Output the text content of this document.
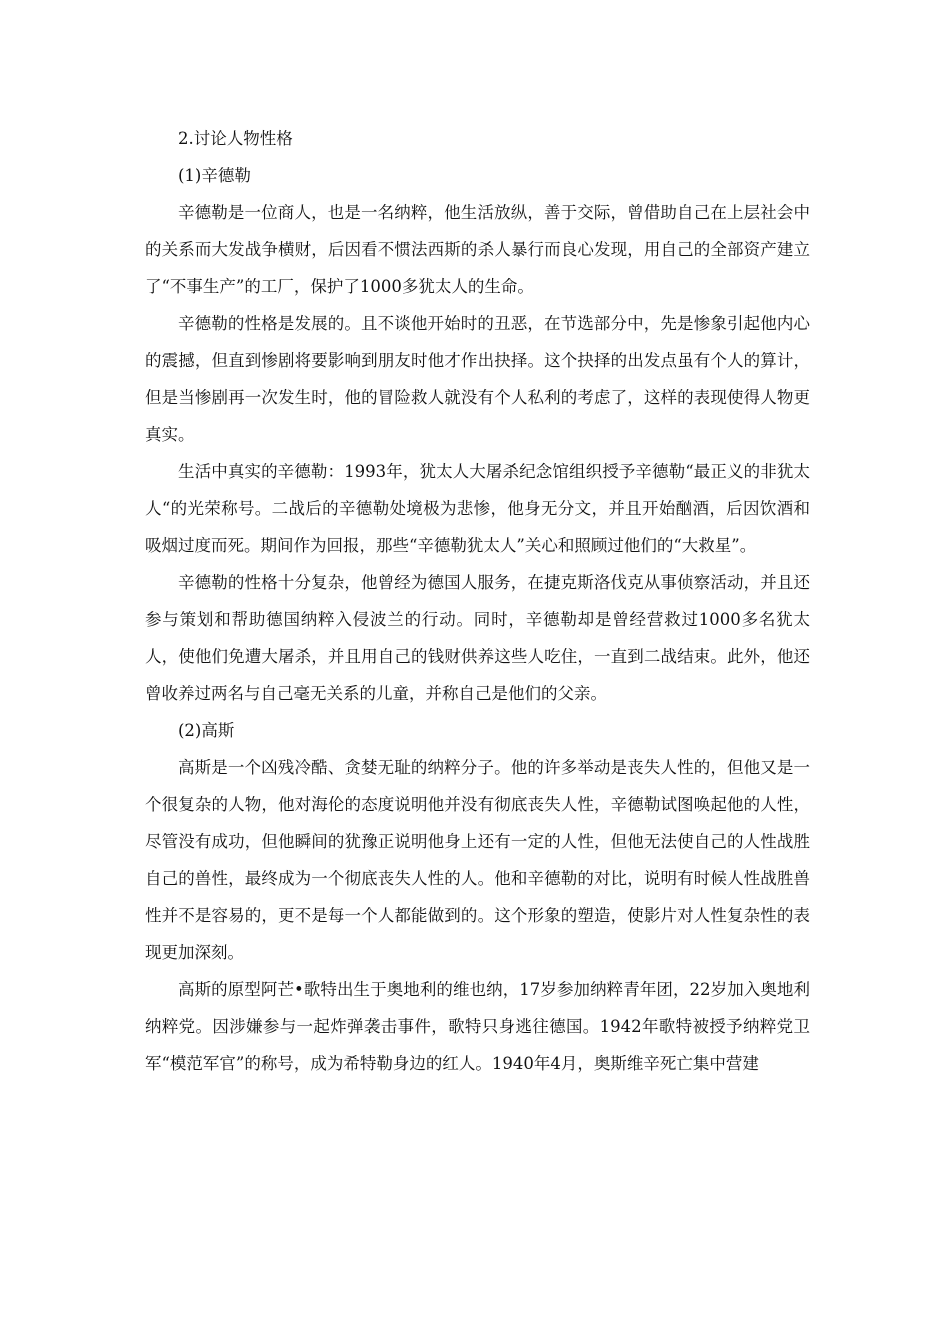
2.讨论人物性格

(1)辛德勒

辛德勒是一位商人，也是一名纳粹，他生活放纵，善于交际，曾借助自己在上层社会中的关系而大发战争横财，后因看不惯法西斯的杀人暴行而良心发现，用自己的全部资产建立了“不事生产”的工厂，保护了1000多犹太人的生命。

辛德勒的性格是发展的。且不谈他开始时的丑恶，在节选部分中，先是惨象引起他内心的震撼，但直到惨剧将要影响到朋友时他才作出抉择。这个抉择的出发点虽有个人的算计，但是当惨剧再一次发生时，他的冒险救人就没有个人私利的考虑了，这样的表现使得人物更真实。

生活中真实的辛德勒：1993年，犹太人大屠杀纪念馆组织授予辛德勒“最正义的非犹太人“的光荣称号。二战后的辛德勒处境极为悲惨，他身无分文，并且开始酗酒，后因饮酒和吸烟过度而死。期间作为回报，那些“辛德勒犹太人”关心和照顾过他们的“大救星”。

辛德勒的性格十分复杂，他曾经为德国人服务，在捷克斯洛伐克从事侦察活动，并且还参与策划和帮助德国纳粹入侵波兰的行动。同时，辛德勒却是曾经营救过1000多名犹太人，使他们免遭大屠杀，并且用自己的钱财供养这些人吃住，一直到二战结束。此外，他还曾收养过两名与自己毫无关系的儿童，并称自己是他们的父亲。

(2)高斯

高斯是一个凶残冷酷、贪婪无耻的纳粹分子。他的许多举动是丧失人性的，但他又是一个很复杂的人物，他对海伦的态度说明他并没有彻底丧失人性，辛德勒试图唤起他的人性，尽管没有成功，但他瞬间的犹豫正说明他身上还有一定的人性，但他无法使自己的人性战胜自己的兽性，最终成为一个彻底丧失人性的人。他和辛德勒的对比，说明有时候人性战胜兽性并不是容易的，更不是每一个人都能做到的。这个形象的塑造，使影片对人性复杂性的表现更加深刻。

高斯的原型阿芒•歌特出生于奥地利的维也纳，17岁参加纳粹青年团，22岁加入奥地利纳粹党。因涉嫌参与一起炸弹袭击事件，歌特只身逃往德国。1942年歌特被授予纳粹党卫军“模范军官”的称号，成为希特勒身边的红人。1940年4月，奥斯维辛死亡集中营建
